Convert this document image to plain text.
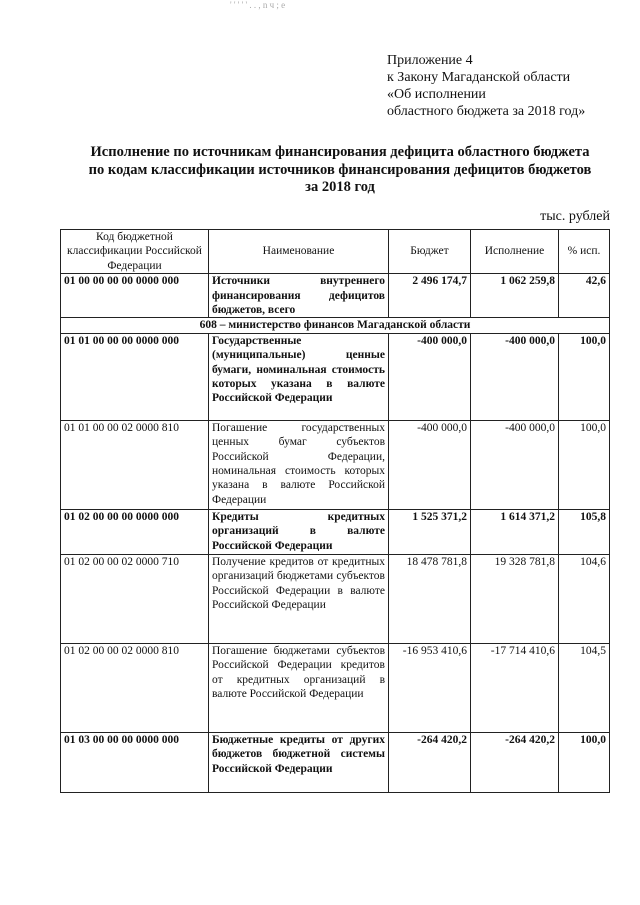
' ' ' ' ' . . , n ч ; e
Приложение 4
к Закону Магаданской области
«Об исполнении
областного бюджета за 2018 год»
Исполнение по источникам финансирования дефицита областного бюджета
по кодам классификации источников финансирования дефицитов бюджетов
за 2018 год
тыс. рублей
Код бюджетной классификации Российской Федерации	Наименование	Бюджет	Исполнение	% исп.
01 00 00 00 00 0000 000	Источники внутреннего финансирования дефицитов бюджетов, всего	2 496 174,7	1 062 259,8	42,6
608 – министерство финансов Магаданской области				
01 01 00 00 00 0000 000	Государственные (муниципальные) ценные бумаги, номинальная стоимость которых указана в валюте Российской Федерации	-400 000,0	-400 000,0	100,0
01 01 00 00 02 0000 810	Погашение государственных ценных бумаг субъектов Российской Федерации, номинальная стоимость которых указана в валюте Российской Федерации	-400 000,0	-400 000,0	100,0
01 02 00 00 00 0000 000	Кредиты кредитных организаций в валюте Российской Федерации	1 525 371,2	1 614 371,2	105,8
01 02 00 00 02 0000 710	Получение кредитов от кредитных организаций бюджетами субъектов Российской Федерации в валюте Российской Федерации	18 478 781,8	19 328 781,8	104,6
01 02 00 00 02 0000 810	Погашение бюджетами субъектов Российской Федерации кредитов от кредитных организаций в валюте Российской Федерации	-16 953 410,6	-17 714 410,6	104,5
01 03 00 00 00 0000 000	Бюджетные кредиты от других бюджетов бюджетной системы Российской Федерации	-264 420,2	-264 420,2	100,0
